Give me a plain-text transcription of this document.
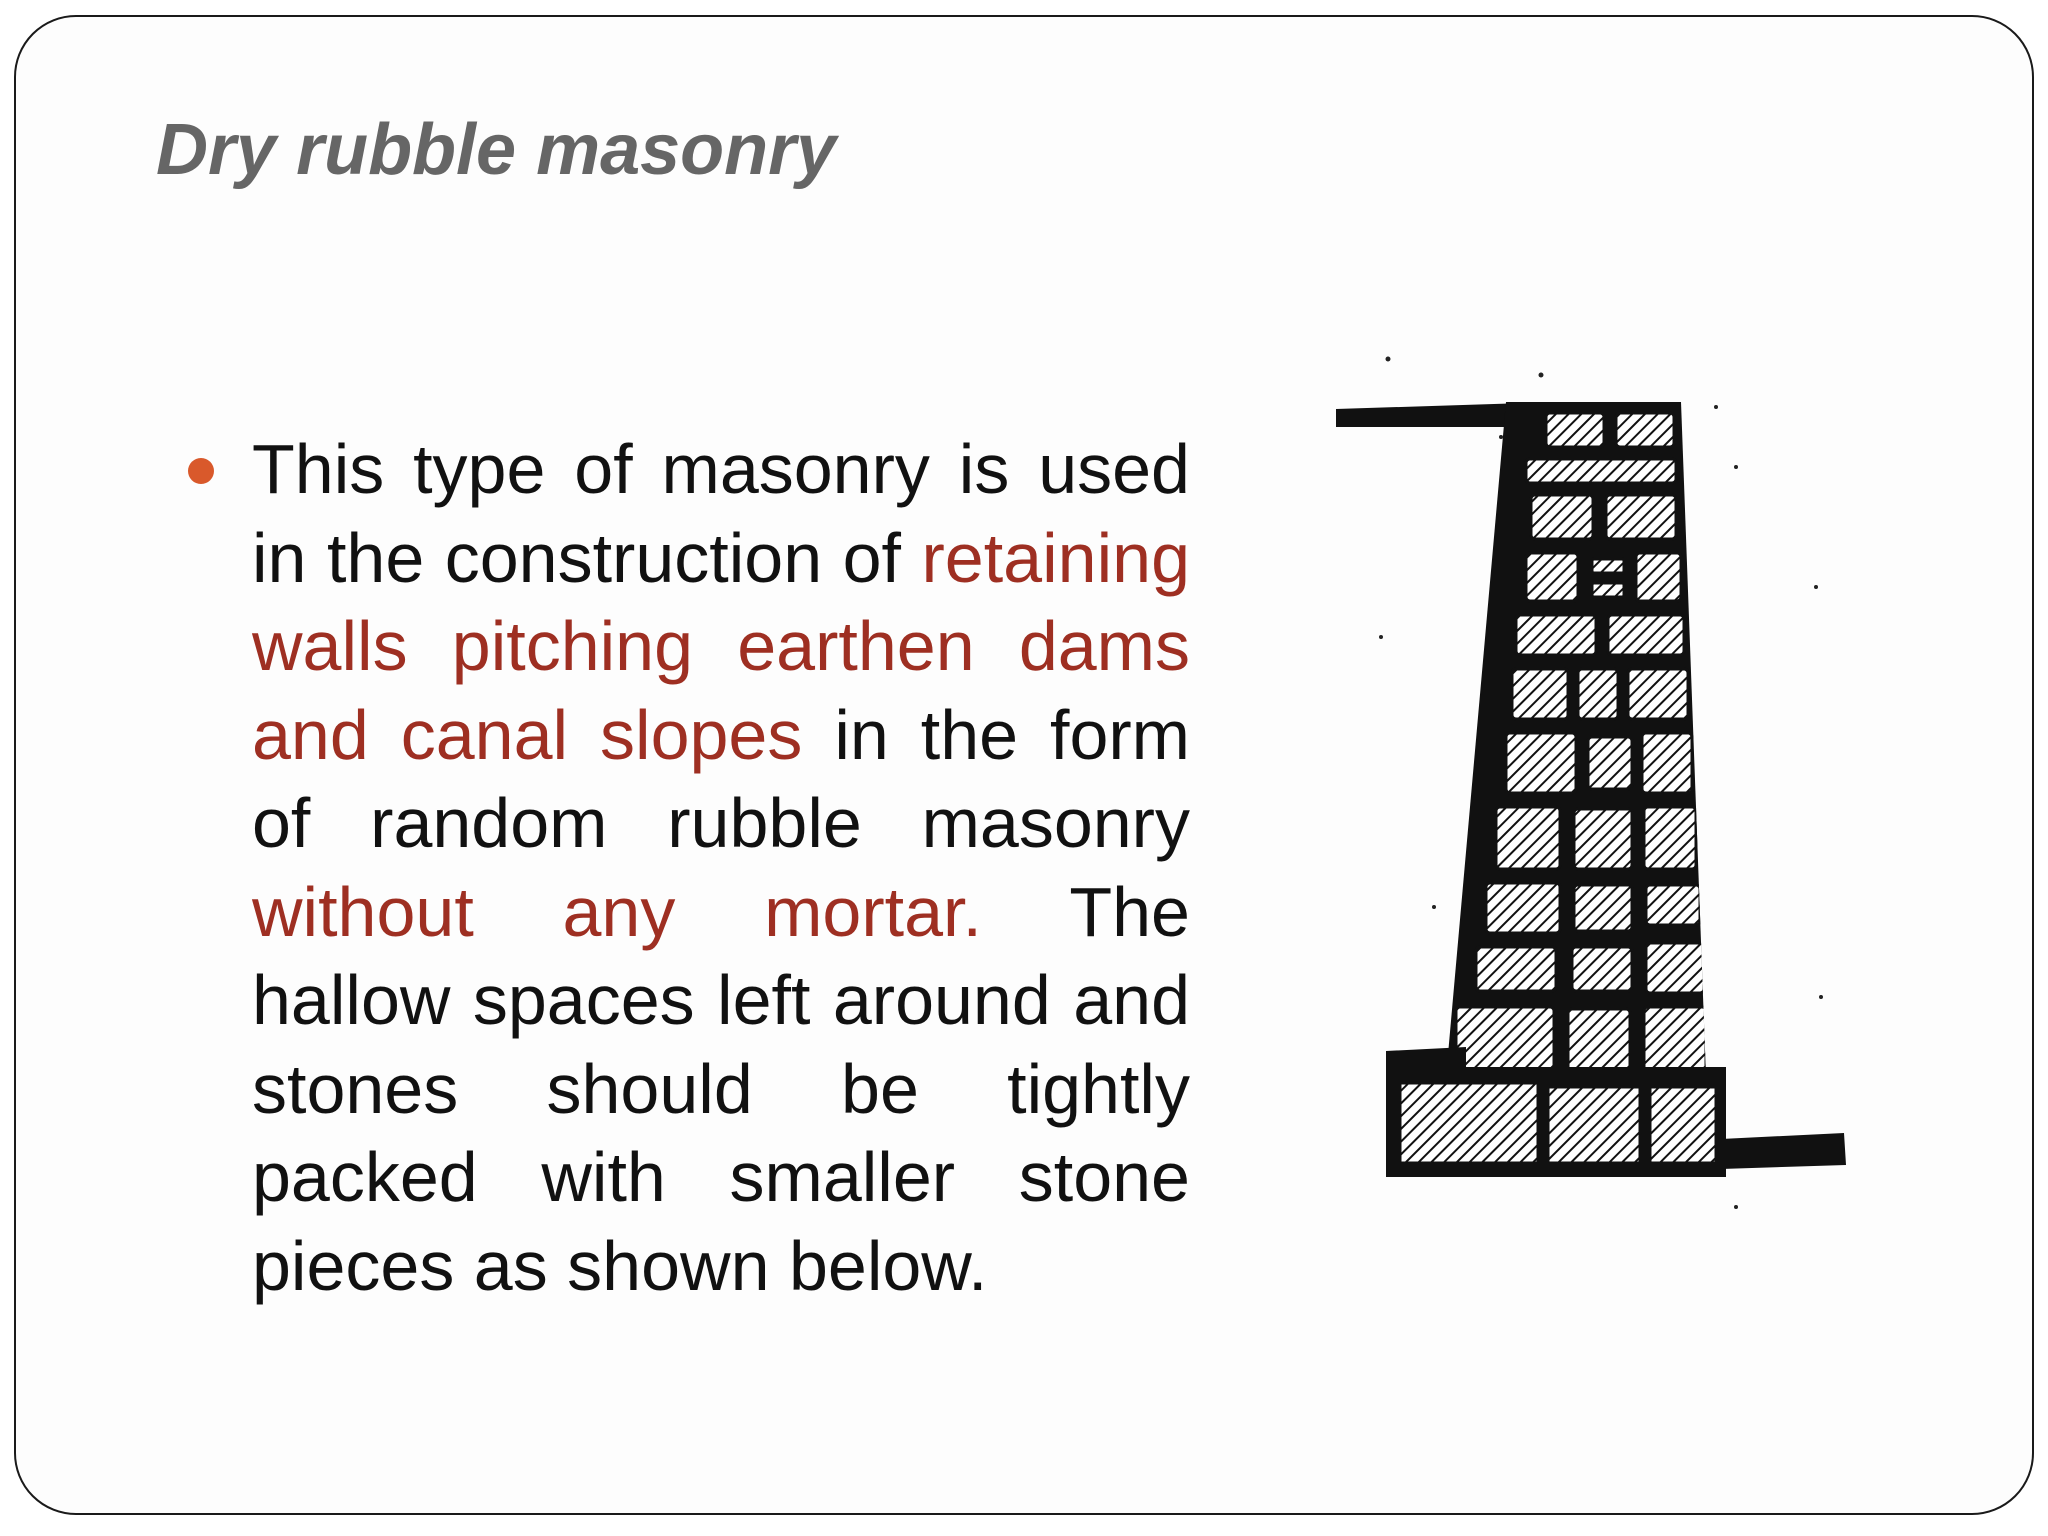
Dry rubble masonry

This type of masonry is used in the construction of retaining walls pitching earthen dams and canal slopes in the form of random rubble masonry without any mortar. The hallow spaces left around and stones should be tightly packed with smaller stone pieces as shown below.
